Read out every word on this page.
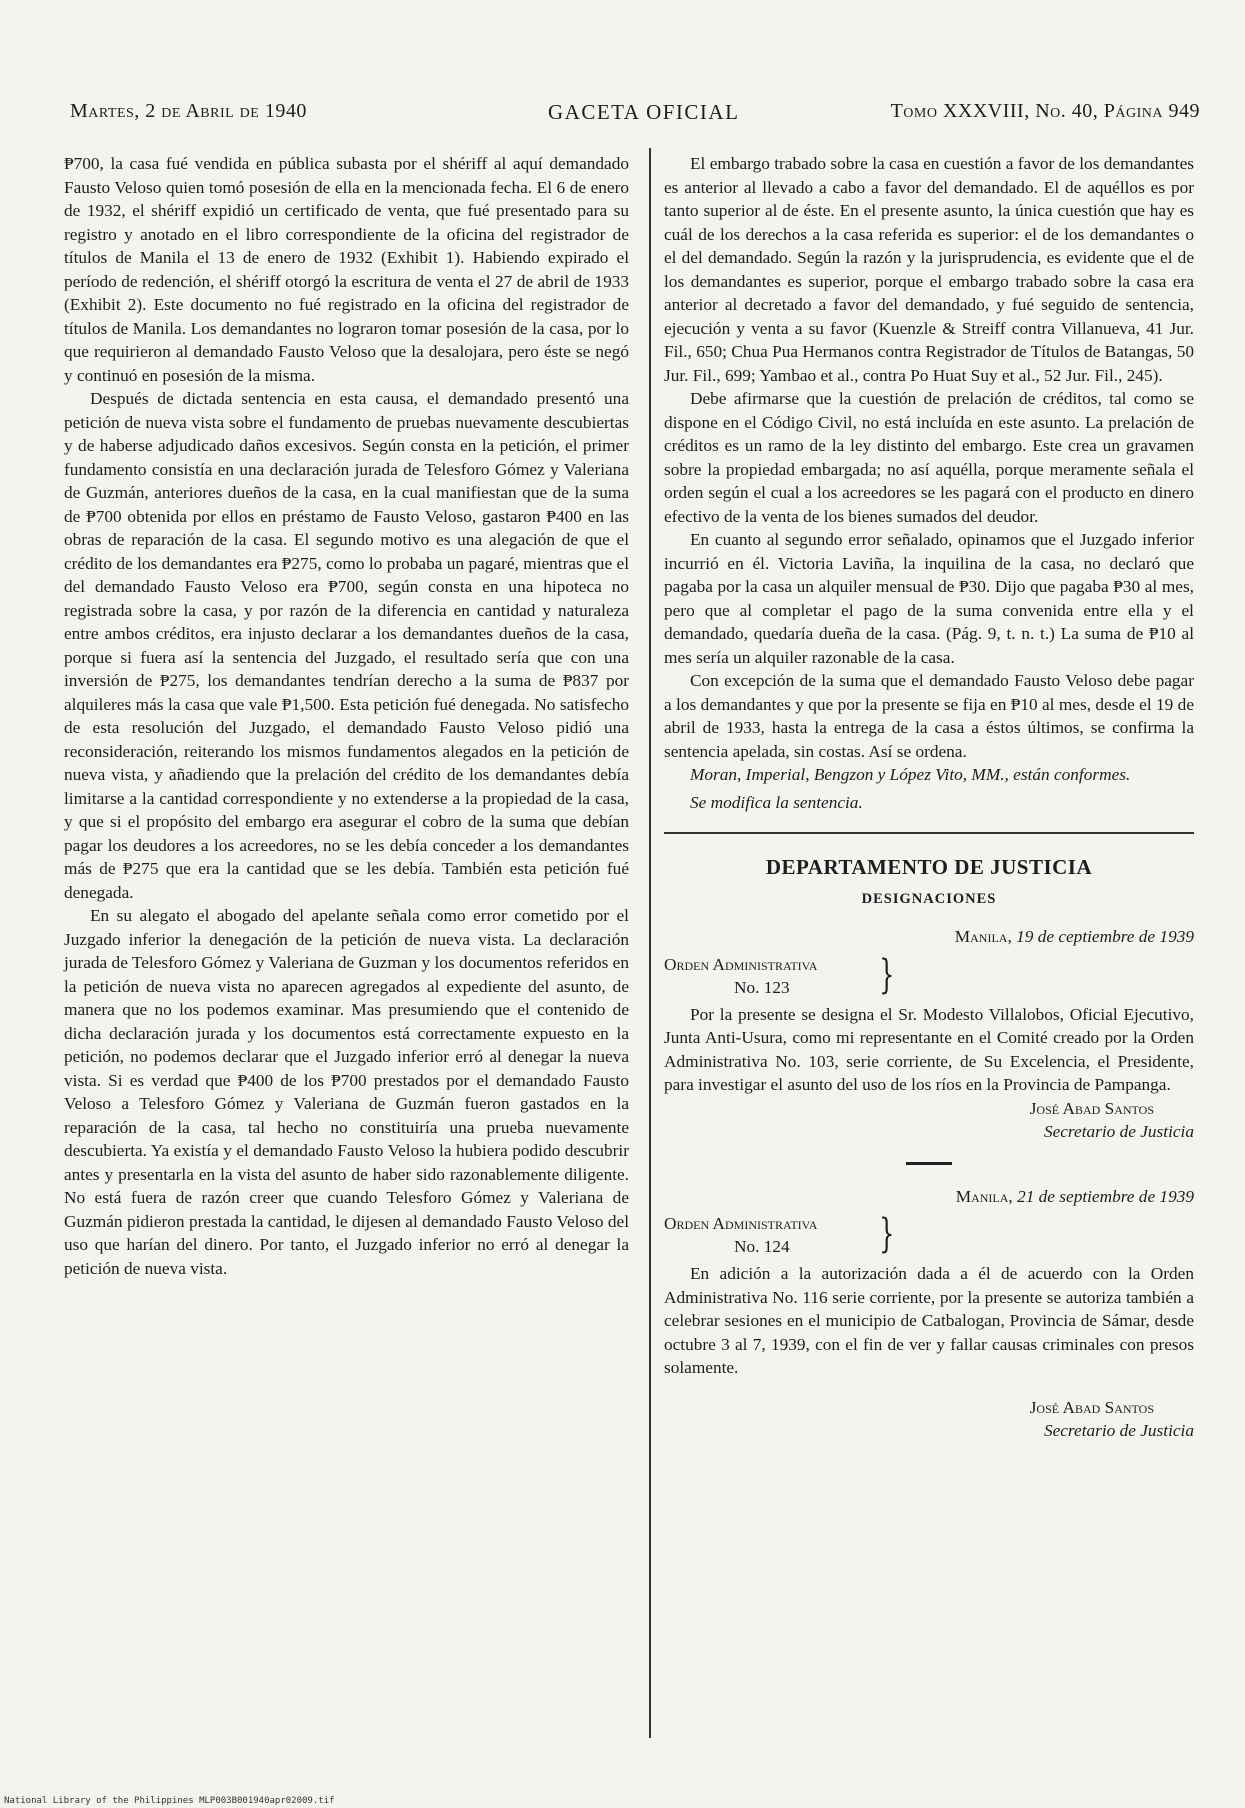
Martes, 2 de Abril de 1940	GACETA OFICIAL	Tomo XXXVIII, No. 40, Página 949

₱700, la casa fué vendida en pública subasta por el shériff al aquí demandado Fausto Veloso quien tomó posesión de ella en la mencionada fecha. El 6 de enero de 1932, el shériff expidió un certificado de venta, que fué presentado para su registro y anotado en el libro correspondiente de la oficina del registrador de títulos de Manila el 13 de enero de 1932 (Exhibit 1). Habiendo expirado el período de redención, el shériff otorgó la escritura de venta el 27 de abril de 1933 (Exhibit 2). Este documento no fué registrado en la oficina del registrador de títulos de Manila. Los demandantes no lograron tomar posesión de la casa, por lo que requirieron al demandado Fausto Veloso que la desalojara, pero éste se negó y continuó en posesión de la misma.

Después de dictada sentencia en esta causa, el demandado presentó una petición de nueva vista sobre el fundamento de pruebas nuevamente descubiertas y de haberse adjudicado daños excesivos. Según consta en la petición, el primer fundamento consistía en una declaración jurada de Telesforo Gómez y Valeriana de Guzmán, anteriores dueños de la casa, en la cual manifiestan que de la suma de ₱700 obtenida por ellos en préstamo de Fausto Veloso, gastaron ₱400 en las obras de reparación de la casa. El segundo motivo es una alegación de que el crédito de los demandantes era ₱275, como lo probaba un pagaré, mientras que el del demandado Fausto Veloso era ₱700, según consta en una hipoteca no registrada sobre la casa, y por razón de la diferencia en cantidad y naturaleza entre ambos créditos, era injusto declarar a los demandantes dueños de la casa, porque si fuera así la sentencia del Juzgado, el resultado sería que con una inversión de ₱275, los demandantes tendrían derecho a la suma de ₱837 por alquileres más la casa que vale ₱1,500. Esta petición fué denegada. No satisfecho de esta resolución del Juzgado, el demandado Fausto Veloso pidió una reconsideración, reiterando los mismos fundamentos alegados en la petición de nueva vista, y añadiendo que la prelación del crédito de los demandantes debía limitarse a la cantidad correspondiente y no extenderse a la propiedad de la casa, y que si el propósito del embargo era asegurar el cobro de la suma que debían pagar los deudores a los acreedores, no se les debía conceder a los demandantes más de ₱275 que era la cantidad que se les debía. También esta petición fué denegada.

En su alegato el abogado del apelante señala como error cometido por el Juzgado inferior la denegación de la petición de nueva vista. La declaración jurada de Telesforo Gómez y Valeriana de Guzman y los documentos referidos en la petición de nueva vista no aparecen agregados al expediente del asunto, de manera que no los podemos examinar. Mas presumiendo que el contenido de dicha declaración jurada y los documentos está correctamente expuesto en la petición, no podemos declarar que el Juzgado inferior erró al denegar la nueva vista. Si es verdad que ₱400 de los ₱700 prestados por el demandado Fausto Veloso a Telesforo Gómez y Valeriana de Guzmán fueron gastados en la reparación de la casa, tal hecho no constituiría una prueba nuevamente descubierta. Ya existía y el demandado Fausto Veloso la hubiera podido descubrir antes y presentarla en la vista del asunto de haber sido razonablemente diligente. No está fuera de razón creer que cuando Telesforo Gómez y Valeriana de Guzmán pidieron prestada la cantidad, le dijesen al demandado Fausto Veloso del uso que harían del dinero. Por tanto, el Juzgado inferior no erró al denegar la petición de nueva vista.

El embargo trabado sobre la casa en cuestión a favor de los demandantes es anterior al llevado a cabo a favor del demandado. El de aquéllos es por tanto superior al de éste. En el presente asunto, la única cuestión que hay es cuál de los derechos a la casa referida es superior: el de los demandantes o el del demandado. Según la razón y la jurisprudencia, es evidente que el de los demandantes es superior, porque el embargo trabado sobre la casa era anterior al decretado a favor del demandado, y fué seguido de sentencia, ejecución y venta a su favor (Kuenzle & Streiff contra Villanueva, 41 Jur. Fil., 650; Chua Pua Hermanos contra Registrador de Títulos de Batangas, 50 Jur. Fil., 699; Yambao et al., contra Po Huat Suy et al., 52 Jur. Fil., 245).

Debe afirmarse que la cuestión de prelación de créditos, tal como se dispone en el Código Civil, no está incluída en este asunto. La prelación de créditos es un ramo de la ley distinto del embargo. Este crea un gravamen sobre la propiedad embargada; no así aquélla, porque meramente señala el orden según el cual a los acreedores se les pagará con el producto en dinero efectivo de la venta de los bienes sumados del deudor.

En cuanto al segundo error señalado, opinamos que el Juzgado inferior incurrió en él. Victoria Laviña, la inquilina de la casa, no declaró que pagaba por la casa un alquiler mensual de ₱30. Dijo que pagaba ₱30 al mes, pero que al completar el pago de la suma convenida entre ella y el demandado, quedaría dueña de la casa. (Pág. 9, t. n. t.) La suma de ₱10 al mes sería un alquiler razonable de la casa.

Con excepción de la suma que el demandado Fausto Veloso debe pagar a los demandantes y que por la presente se fija en ₱10 al mes, desde el 19 de abril de 1933, hasta la entrega de la casa a éstos últimos, se confirma la sentencia apelada, sin costas. Así se ordena.

Moran, Imperial, Bengzon y López Vito, MM., están conformes.

Se modifica la sentencia.

DEPARTAMENTO DE JUSTICIA
DESIGNACIONES
Manila, 19 de ceptiembre de 1939
Orden Administrativa
No. 123 }

Por la presente se designa el Sr. Modesto Villalobos, Oficial Ejecutivo, Junta Anti-Usura, como mi representante en el Comité creado por la Orden Administrativa No. 103, serie corriente, de Su Excelencia, el Presidente, para investigar el asunto del uso de los ríos en la Provincia de Pampanga.

José Abad Santos
Secretario de Justicia
Manila, 21 de septiembre de 1939
Orden Administrativa
No. 124 }

En adición a la autorización dada a él de acuerdo con la Orden Administrativa No. 116 serie corriente, por la presente se autoriza también a celebrar sesiones en el municipio de Catbalogan, Provincia de Sámar, desde octubre 3 al 7, 1939, con el fin de ver y fallar causas criminales con presos solamente.

José Abad Santos
Secretario de Justicia
National Library of the Philippines MLP003B001940apr02009.tif
